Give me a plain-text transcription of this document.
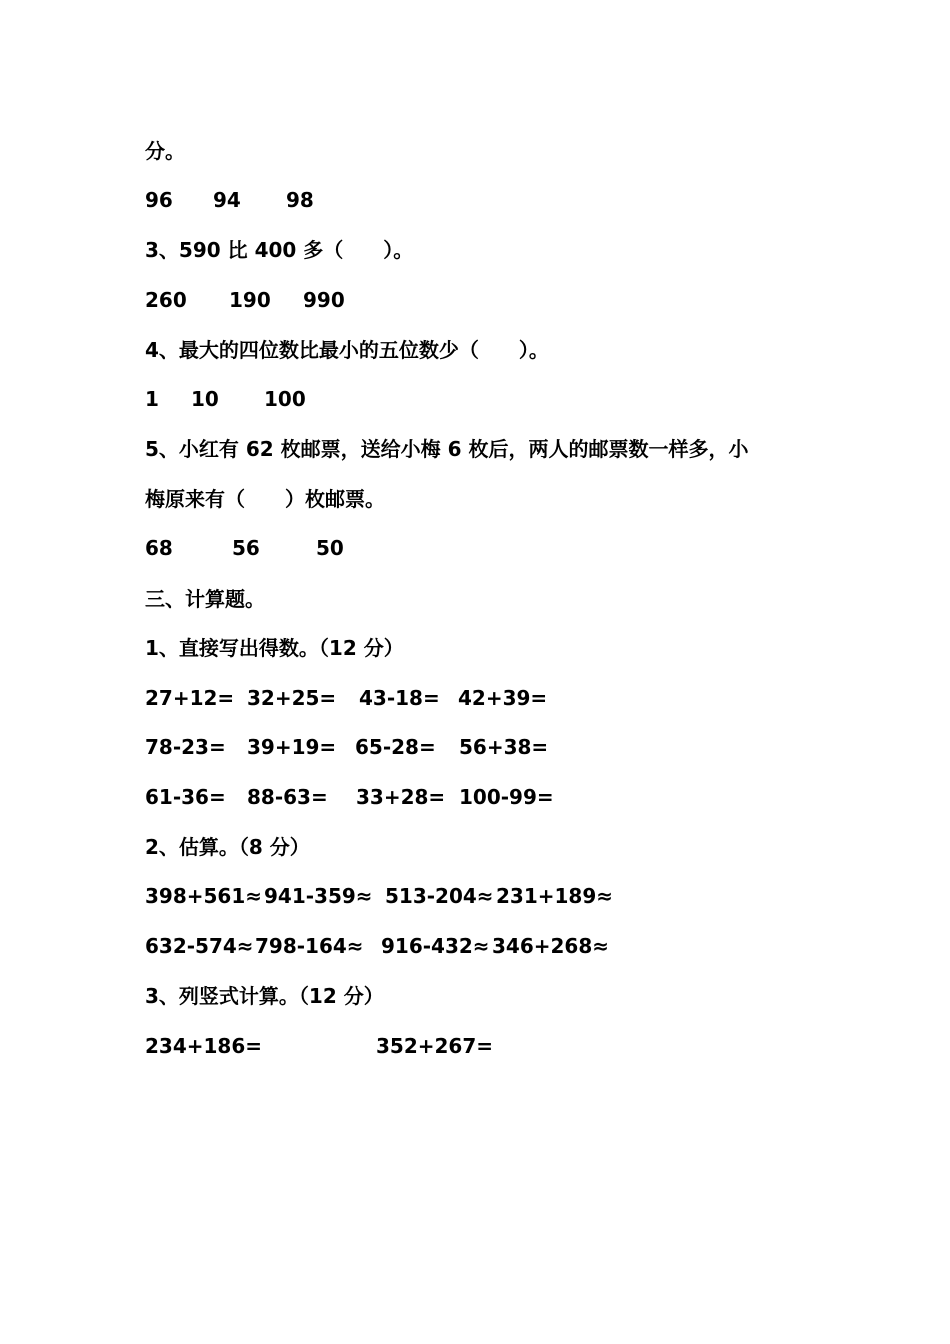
分。
96 94 98
3、590 比 400 多（　　）。
260 190 990
4、最大的四位数比最小的五位数少（　　）。
1 10 100
5、小红有 62 枚邮票，送给小梅 6 枚后，两人的邮票数一样多，小
梅原来有（　　）枚邮票。
68	56	50
三、计算题。
1、直接写出得数。（12 分）
27+12= 32+25= 43-18= 42+39=
78-23= 39+19= 65-28= 56+38=
61-36= 88-63= 33+28= 100-99=
2、估算。（8 分）
398+561≈ 941-359≈ 513-204≈ 231+189≈
632-574≈ 798-164≈ 916-432≈ 346+268≈
3、列竖式计算。（12 分）
234+186=	352+267=
